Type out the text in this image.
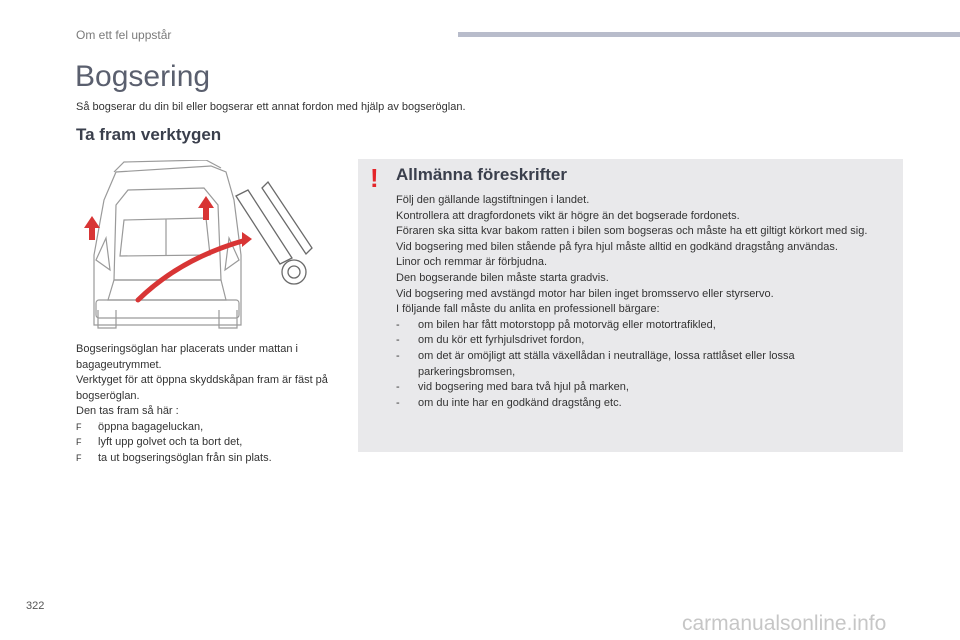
Om ett fel uppstår
Bogsering
Så bogserar du din bil eller bogserar ett annat fordon med hjälp av bogseröglan.
Ta fram verktygen

Bogseringsöglan har placerats under mattan i bagageutrymmet.

Verktyget för att öppna skyddskåpan fram är fäst på bogseröglan.

Den tas fram så här :

F	öppna bagageluckan,
F	lyft upp golvet och ta bort det,
F	ta ut bogseringsöglan från sin plats.
! Allmänna föreskrifter

Följ den gällande lagstiftningen i landet.

Kontrollera att dragfordonets vikt är högre än det bogserade fordonets.

Föraren ska sitta kvar bakom ratten i bilen som bogseras och måste ha ett giltigt körkort med sig.

Vid bogsering med bilen stående på fyra hjul måste alltid en godkänd dragstång användas.

Linor och remmar är förbjudna.

Den bogserande bilen måste starta gradvis.

Vid bogsering med avstängd motor har bilen inget bromsservo eller styrservo.

I följande fall måste du anlita en professionell bärgare:

-	om bilen har fått motorstopp på motorväg eller motortrafikled,
-	om du kör ett fyrhjulsdrivet fordon,
-	om det är omöjligt att ställa växellådan i neutralläge, lossa rattlåset eller lossa parkeringsbromsen,
-	vid bogsering med bara två hjul på marken,
-	om du inte har en godkänd dragstång etc.
322
carmanualsonline.info
